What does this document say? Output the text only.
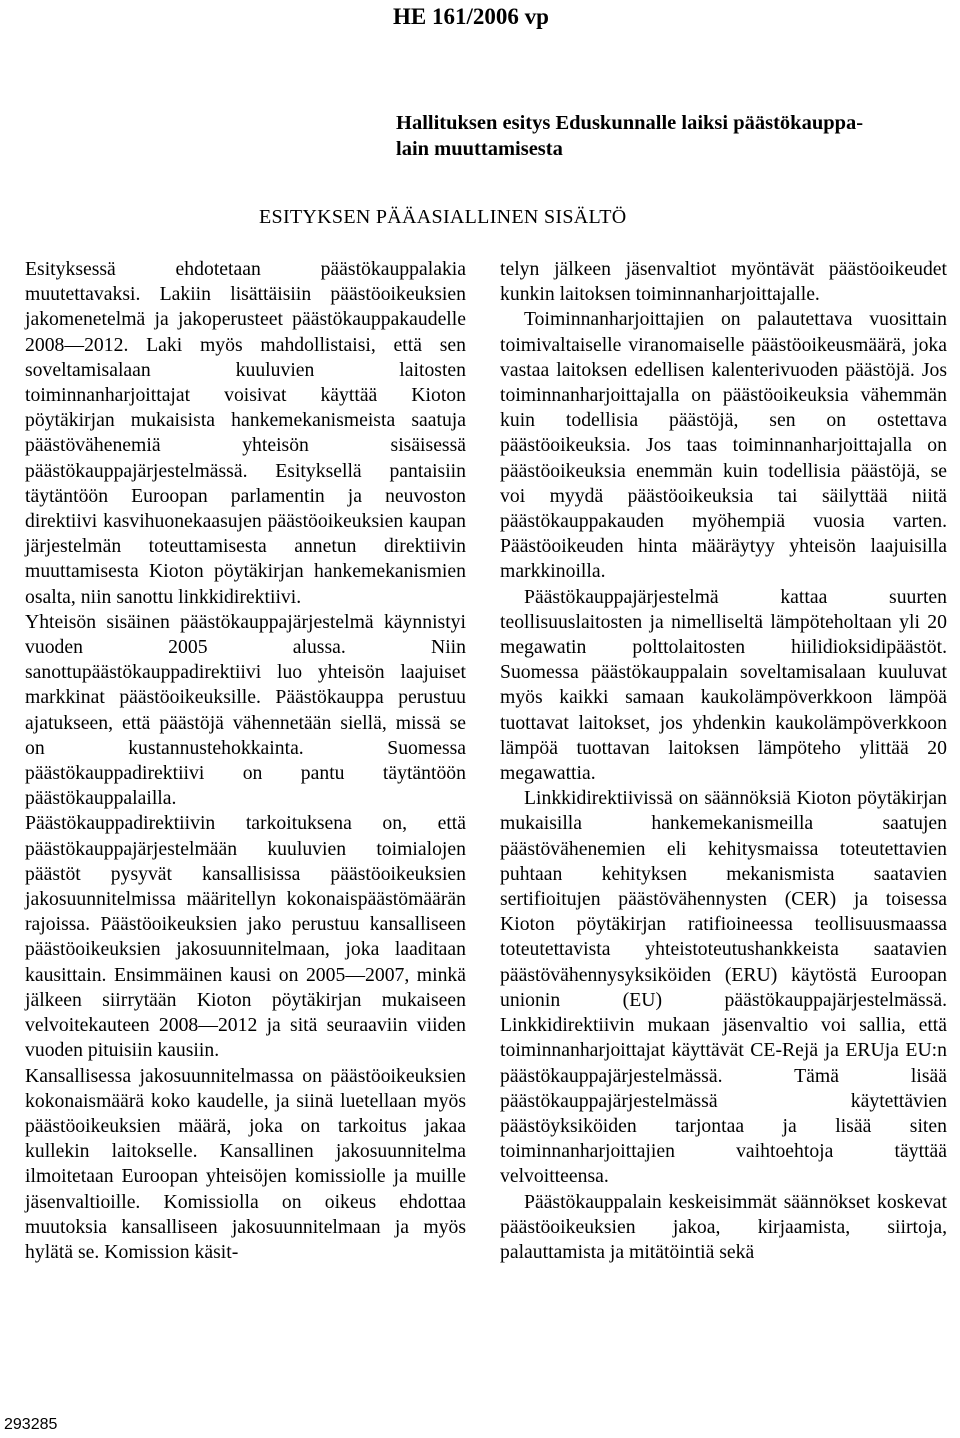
HE 161/2006 vp
Hallituksen esitys Eduskunnalle laiksi päästökauppa-
lain muuttamisesta
ESITYKSEN PÄÄASIALLINEN SISÄLTÖ

Esityksessä ehdotetaan päästökauppalakia muutettavaksi. Lakiin lisättäisiin päästöoikeuksien jakomenetelmä ja jakoperusteet päästökauppakaudelle 2008—2012. Laki myös mahdollistaisi, että sen soveltamisalaan kuuluvien laitosten toiminnanharjoittajat voisivat käyttää Kioton pöytäkirjan mukaisista hankemekanismeista saatuja päästövähenemiä yhteisön sisäisessä päästökauppajärjestelmässä. Esityksellä pantaisiin täytäntöön Euroopan parlamentin ja neuvoston direktiivi kasvihuonekaasujen päästöoikeuksien kaupan järjestelmän toteuttamisesta annetun direktiivin muuttamisesta Kioton pöytäkirjan hankemekanismien osalta, niin sanottu linkkidirektiivi.

Yhteisön sisäinen päästökauppajärjestelmä käynnistyi vuoden 2005 alussa. Niin sanottupäästökauppadirektiivi luo yhteisön laajuiset markkinat päästöoikeuksille. Päästökauppa perustuu ajatukseen, että päästöjä vähennetään siellä, missä se on kustannustehokkainta. Suomessa päästökauppadirektiivi on pantu täytäntöön päästökauppalailla.

Päästökauppadirektiivin tarkoituksena on, että päästökauppajärjestelmään kuuluvien toimialojen päästöt pysyvät kansallisissa päästöoikeuksien jakosuunnitelmissa määritellyn kokonaispäästömäärän rajoissa. Päästöoikeuksien jako perustuu kansalliseen päästöoikeuksien jakosuunnitelmaan, joka laaditaan kausittain. Ensimmäinen kausi on 2005—2007, minkä jälkeen siirrytään Kioton pöytäkirjan mukaiseen velvoitekauteen 2008—2012 ja sitä seuraaviin viiden vuoden pituisiin kausiin.

Kansallisessa jakosuunnitelmassa on päästöoikeuksien kokonaismäärä koko kaudelle, ja siinä luetellaan myös päästöoikeuksien määrä, joka on tarkoitus jakaa kullekin laitokselle. Kansallinen jakosuunnitelma ilmoitetaan Euroopan yhteisöjen komissiolle ja muille jäsenvaltioille. Komissiolla on oikeus ehdottaa muutoksia kansalliseen jakosuunnitelmaan ja myös hylätä se. Komission käsit-

telyn jälkeen jäsenvaltiot myöntävät päästöoikeudet kunkin laitoksen toiminnanharjoittajalle.

Toiminnanharjoittajien on palautettava vuosittain toimivaltaiselle viranomaiselle päästöoikeusmäärä, joka vastaa laitoksen edellisen kalenterivuoden päästöjä. Jos toiminnanharjoittajalla on päästöoikeuksia vähemmän kuin todellisia päästöjä, sen on ostettava päästöoikeuksia. Jos taas toiminnanharjoittajalla on päästöoikeuksia enemmän kuin todellisia päästöjä, se voi myydä päästöoikeuksia tai säilyttää niitä päästökauppakauden myöhempiä vuosia varten. Päästöoikeuden hinta määräytyy yhteisön laajuisilla markkinoilla.

Päästökauppajärjestelmä kattaa suurten teollisuuslaitosten ja nimelliseltä lämpöteholtaan yli 20 megawatin polttolaitosten hiilidioksidipäästöt. Suomessa päästökauppalain soveltamisalaan kuuluvat myös kaikki samaan kaukolämpöverkkoon lämpöä tuottavat laitokset, jos yhdenkin kaukolämpöverkkoon lämpöä tuottavan laitoksen lämpöteho ylittää 20 megawattia.

Linkkidirektiivissä on säännöksiä Kioton pöytäkirjan mukaisilla hankemekanismeilla saatujen päästövähenemien eli kehitysmaissa toteutettavien puhtaan kehityksen mekanismista saatavien sertifioitujen päästövähennysten (CER) ja toisessa Kioton pöytäkirjan ratifioineessa teollisuusmaassa toteutettavista yhteistoteutushankkeista saatavien päästövähennysyksiköiden (ERU) käytöstä Euroopan unionin (EU) päästökauppajärjestelmässä. Linkkidirektiivin mukaan jäsenvaltio voi sallia, että toiminnanharjoittajat käyttävät CE-Rejä ja ERUja EU:n päästökauppajärjestelmässä. Tämä lisää päästökauppajärjestelmässä käytettävien päästöyksiköiden tarjontaa ja lisää siten toiminnanharjoittajien vaihtoehtoja täyttää velvoitteensa.

Päästökauppalain keskeisimmät säännökset koskevat päästöoikeuksien jakoa, kirjaamista, siirtoja, palauttamista ja mitätöintiä sekä

293285
